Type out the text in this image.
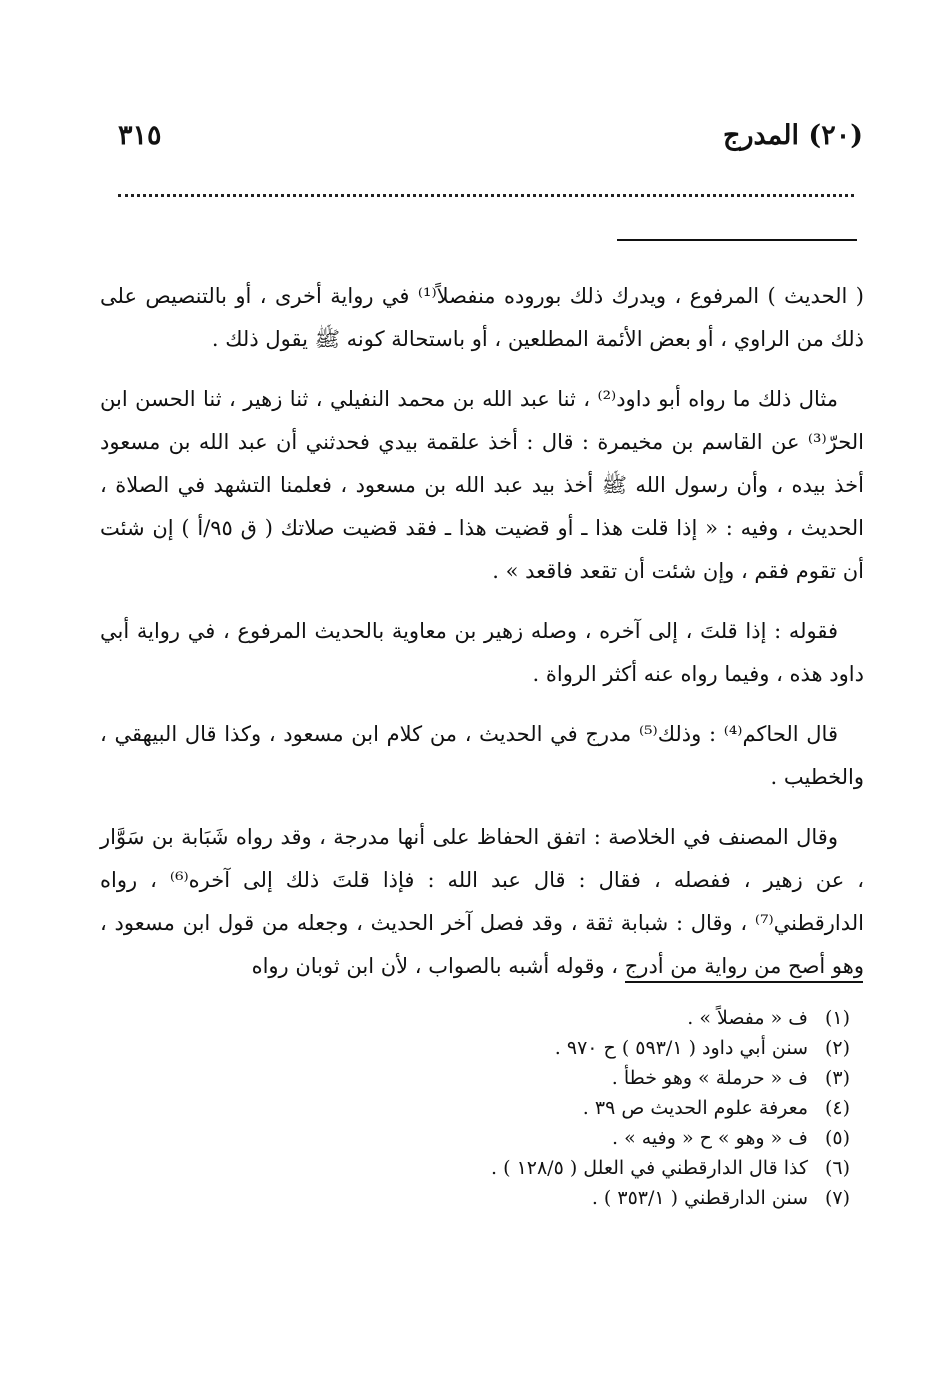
(٢٠) المدرج
٣١٥

( الحديث ) المرفوع ، ويدرك ذلك بوروده منفصلاً⁽¹⁾ في رواية أخرى ، أو بالتنصيص على ذلك من الراوي ، أو بعض الأئمة المطلعين ، أو باستحالة كونه ﷺ يقول ذلك .

مثال ذلك ما رواه أبو داود⁽²⁾ ، ثنا عبد الله بن محمد النفيلي ، ثنا زهير ، ثنا الحسن ابن الحرّ⁽³⁾ عن القاسم بن مخيمرة : قال : أخذ علقمة بيدي فحدثني أن عبد الله بن مسعود أخذ بيده ، وأن رسول الله ﷺ أخذ بيد عبد الله بن مسعود ، فعلمنا التشهد في الصلاة ، الحديث ، وفيه : « إذا قلت هذا ـ أو قضيت هذا ـ فقد قضيت صلاتك ( ق ٩٥/أ ) إن شئت أن تقوم فقم ، وإن شئت أن تقعد فاقعد » .

فقوله : إذا قلتَ ، إلى آخره ، وصله زهير بن معاوية بالحديث المرفوع ، في رواية أبي داود هذه ، وفيما رواه عنه أكثر الرواة .

قال الحاكم⁽⁴⁾ : وذلك⁽⁵⁾ مدرج في الحديث ، من كلام ابن مسعود ، وكذا قال البيهقي ، والخطيب .

وقال المصنف في الخلاصة : اتفق الحفاظ على أنها مدرجة ، وقد رواه شَبَابة بن سَوَّار ، عن زهير ، ففصله ، فقال : قال عبد الله : فإذا قلتَ ذلك إلى آخره⁽⁶⁾ ، رواه الدارقطني⁽⁷⁾ ، وقال : شبابة ثقة ، وقد فصل آخر الحديث ، وجعله من قول ابن مسعود ، وهو أصح من رواية من أدرج ، وقوله أشبه بالصواب ، لأن ابن ثوبان رواه

(١)ف « مفصلاً » .
(٢)سنن أبي داود ( ٥٩٣/١ ) ح ٩٧٠ .
(٣)ف « حرملة » وهو خطأ .
(٤)معرفة علوم الحديث ص ٣٩ .
(٥)ف « وهو » ح « وفيه » .
(٦)كذا قال الدارقطني في العلل ( ١٢٨/٥ ) .
(٧)سنن الدارقطني ( ٣٥٣/١ ) .
